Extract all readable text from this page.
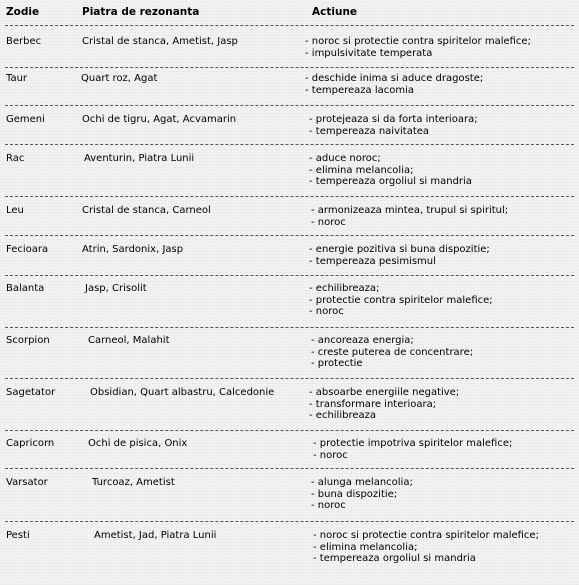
Zodie	Piatra de rezonanta	Actiune
Berbec	Cristal de stanca, Ametist, Jasp	- noroc si protectie contra spiritelor malefice;
- impulsivitate temperata
Taur	Quart roz, Agat	- deschide inima si aduce dragoste;
- tempereaza lacomia
Gemeni	Ochi de tigru, Agat, Acvamarin	- protejeaza si da forta interioara;
- tempereaza naivitatea
Rac	Aventurin, Piatra Lunii	- aduce noroc;
- elimina melancolia;
- tempereaza orgoliul si mandria
Leu	Cristal de stanca, Carneol	- armonizeaza mintea, trupul si spiritul;
- noroc
Fecioara	Atrin, Sardonix, Jasp	- energie pozitiva si buna dispozitie;
- tempereaza pesimismul
Balanta	Jasp, Crisolit	- echilibreaza;
- protectie contra spiritelor malefice;
- noroc
Scorpion	Carneol, Malahit	- ancoreaza energia;
- creste puterea de concentrare;
- protectie
Sagetator	Obsidian, Quart albastru, Calcedonie	- absoarbe energiile negative;
- transformare interioara;
- echilibreaza
Capricorn	Ochi de pisica, Onix	- protectie impotriva spiritelor malefice;
- noroc
Varsator	Turcoaz, Ametist	- alunga melancolia;
- buna dispozitie;
- noroc
Pesti	Ametist, Jad, Piatra Lunii	- noroc si protectie contra spiritelor malefice;
- elimina melancolia;
- tempereaza orgoliul si mandria
